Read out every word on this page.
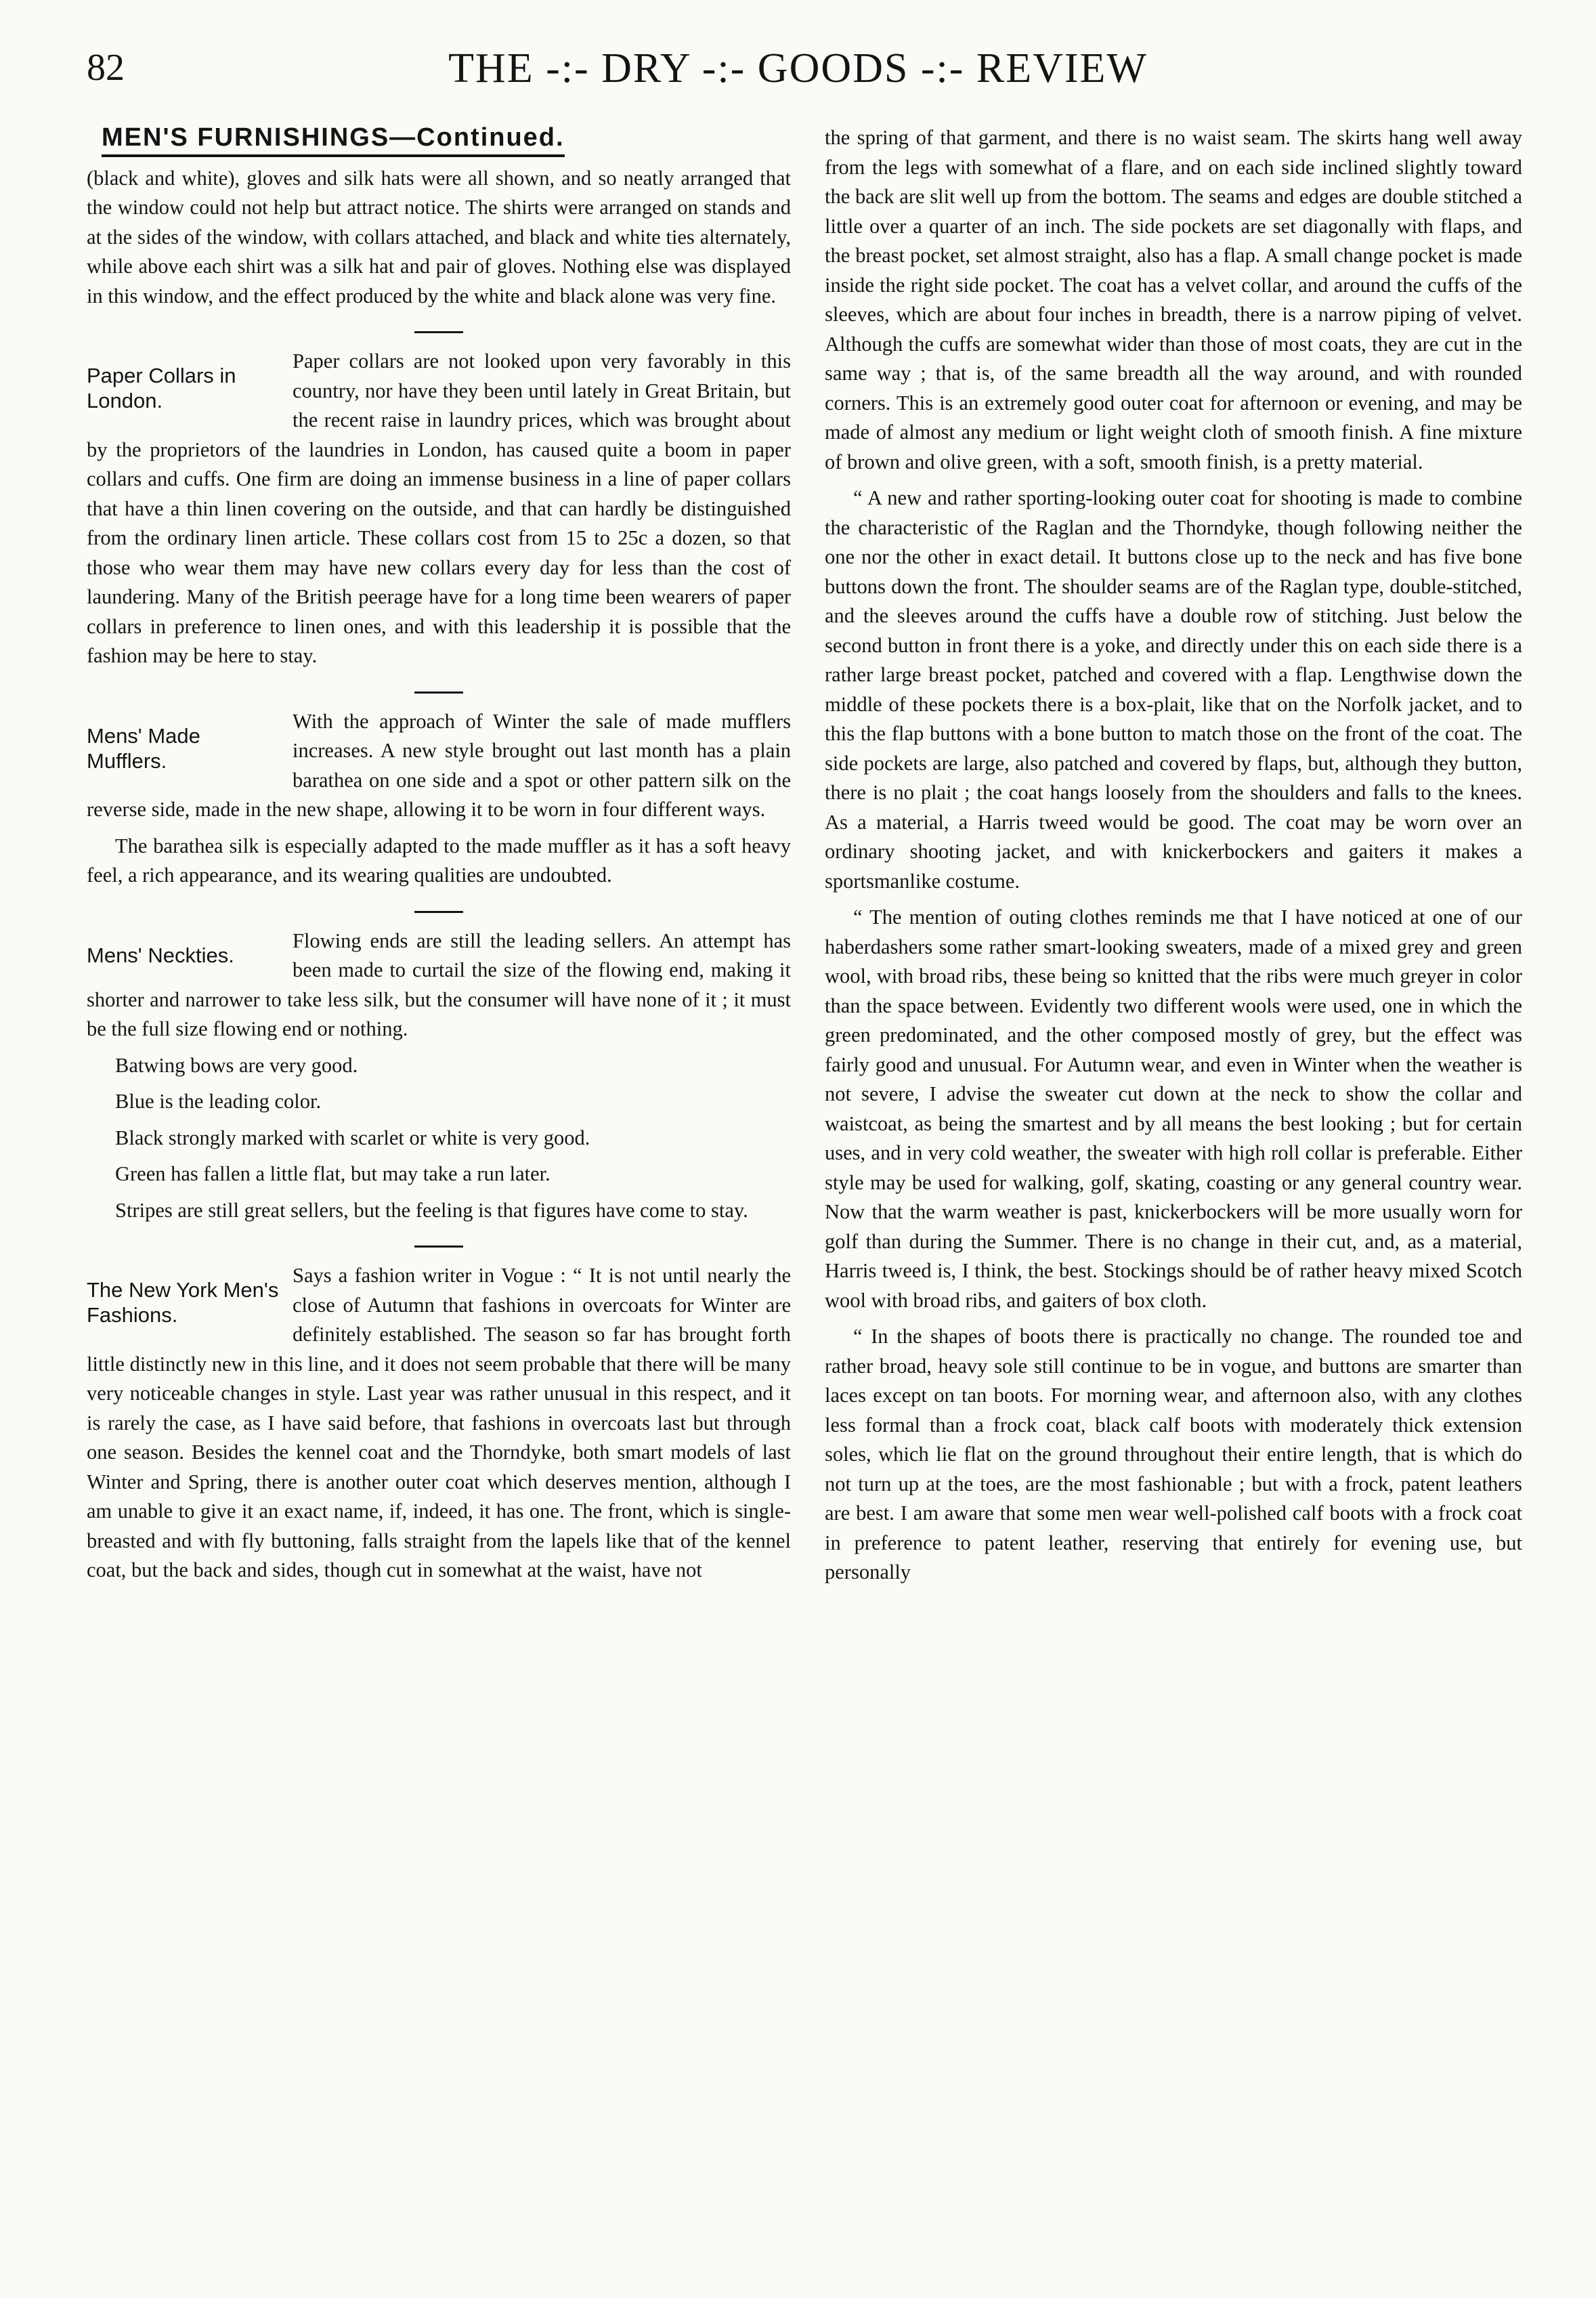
82	THE -:- DRY -:- GOODS -:- REVIEW
MEN'S FURNISHINGS—Continued.

(black and white), gloves and silk hats were all shown, and so neatly arranged that the window could not help but attract notice. The shirts were arranged on stands and at the sides of the window, with collars attached, and black and white ties alternately, while above each shirt was a silk hat and pair of gloves. Nothing else was displayed in this window, and the effect produced by the white and black alone was very fine.

Paper Collars in London.

Paper collars are not looked upon very favorably in this country, nor have they been until lately in Great Britain, but the recent raise in laundry prices, which was brought about by the proprietors of the laundries in London, has caused quite a boom in paper collars and cuffs. One firm are doing an immense business in a line of paper collars that have a thin linen covering on the outside, and that can hardly be distinguished from the ordinary linen article. These collars cost from 15 to 25c a dozen, so that those who wear them may have new collars every day for less than the cost of laundering. Many of the British peerage have for a long time been wearers of paper collars in preference to linen ones, and with this leadership it is possible that the fashion may be here to stay.

Mens' Made Mufflers.

With the approach of Winter the sale of made mufflers increases. A new style brought out last month has a plain barathea on one side and a spot or other pattern silk on the reverse side, made in the new shape, allowing it to be worn in four different ways.

The barathea silk is especially adapted to the made muffler as it has a soft heavy feel, a rich appearance, and its wearing qualities are undoubted.

Mens' Neckties.

Flowing ends are still the leading sellers. An attempt has been made to curtail the size of the flowing end, making it shorter and narrower to take less silk, but the consumer will have none of it ; it must be the full size flowing end or nothing.

Batwing bows are very good.

Blue is the leading color.

Black strongly marked with scarlet or white is very good.

Green has fallen a little flat, but may take a run later.

Stripes are still great sellers, but the feeling is that figures have come to stay.

The New York Men's Fashions.

Says a fashion writer in Vogue : “ It is not until nearly the close of Autumn that fashions in overcoats for Winter are definitely established. The season so far has brought forth little distinctly new in this line, and it does not seem probable that there will be many very noticeable changes in style. Last year was rather unusual in this respect, and it is rarely the case, as I have said before, that fashions in overcoats last but through one season. Besides the kennel coat and the Thorndyke, both smart models of last Winter and Spring, there is another outer coat which deserves mention, although I am unable to give it an exact name, if, indeed, it has one. The front, which is single-breasted and with fly buttoning, falls straight from the lapels like that of the kennel coat, but the back and sides, though cut in somewhat at the waist, have not

the spring of that garment, and there is no waist seam. The skirts hang well away from the legs with somewhat of a flare, and on each side inclined slightly toward the back are slit well up from the bottom. The seams and edges are double stitched a little over a quarter of an inch. The side pockets are set diagonally with flaps, and the breast pocket, set almost straight, also has a flap. A small change pocket is made inside the right side pocket. The coat has a velvet collar, and around the cuffs of the sleeves, which are about four inches in breadth, there is a narrow piping of velvet. Although the cuffs are somewhat wider than those of most coats, they are cut in the same way ; that is, of the same breadth all the way around, and with rounded corners. This is an extremely good outer coat for afternoon or evening, and may be made of almost any medium or light weight cloth of smooth finish. A fine mixture of brown and olive green, with a soft, smooth finish, is a pretty material.

“ A new and rather sporting-looking outer coat for shooting is made to combine the characteristic of the Raglan and the Thorndyke, though following neither the one nor the other in exact detail. It buttons close up to the neck and has five bone buttons down the front. The shoulder seams are of the Raglan type, double-stitched, and the sleeves around the cuffs have a double row of stitching. Just below the second button in front there is a yoke, and directly under this on each side there is a rather large breast pocket, patched and covered with a flap. Lengthwise down the middle of these pockets there is a box-plait, like that on the Norfolk jacket, and to this the flap buttons with a bone button to match those on the front of the coat. The side pockets are large, also patched and covered by flaps, but, although they button, there is no plait ; the coat hangs loosely from the shoulders and falls to the knees. As a material, a Harris tweed would be good. The coat may be worn over an ordinary shooting jacket, and with knickerbockers and gaiters it makes a sportsmanlike costume.

“ The mention of outing clothes reminds me that I have noticed at one of our haberdashers some rather smart-looking sweaters, made of a mixed grey and green wool, with broad ribs, these being so knitted that the ribs were much greyer in color than the space between. Evidently two different wools were used, one in which the green predominated, and the other composed mostly of grey, but the effect was fairly good and unusual. For Autumn wear, and even in Winter when the weather is not severe, I advise the sweater cut down at the neck to show the collar and waistcoat, as being the smartest and by all means the best looking ; but for certain uses, and in very cold weather, the sweater with high roll collar is preferable. Either style may be used for walking, golf, skating, coasting or any general country wear. Now that the warm weather is past, knickerbockers will be more usually worn for golf than during the Summer. There is no change in their cut, and, as a material, Harris tweed is, I think, the best. Stockings should be of rather heavy mixed Scotch wool with broad ribs, and gaiters of box cloth.

“ In the shapes of boots there is practically no change. The rounded toe and rather broad, heavy sole still continue to be in vogue, and buttons are smarter than laces except on tan boots. For morning wear, and afternoon also, with any clothes less formal than a frock coat, black calf boots with moderately thick extension soles, which lie flat on the ground throughout their entire length, that is which do not turn up at the toes, are the most fashionable ; but with a frock, patent leathers are best. I am aware that some men wear well-polished calf boots with a frock coat in preference to patent leather, reserving that entirely for evening use, but personally
